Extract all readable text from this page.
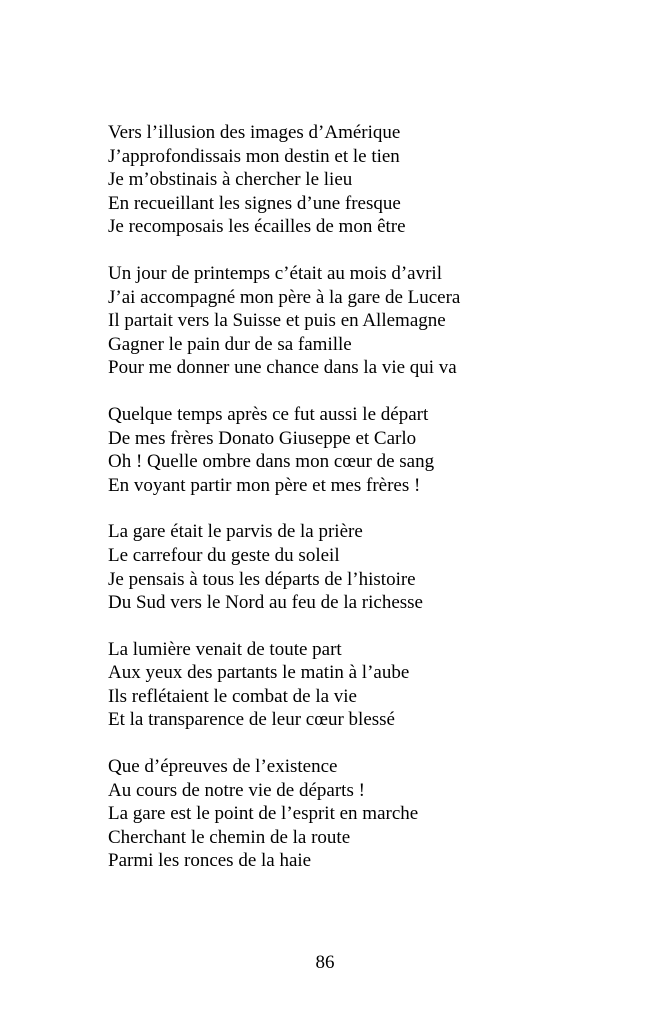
Vers l’illusion des images d’Amérique

J’approfondissais mon destin et le tien

Je m’obstinais à chercher le lieu

En recueillant les signes d’une fresque

Je recomposais les écailles de mon être

Un jour de printemps c’était au mois d’avril

J’ai accompagné mon père à la gare de Lucera

Il partait vers la Suisse et puis en Allemagne

Gagner le pain dur de sa famille

Pour me donner une chance dans la vie qui va

Quelque temps après ce fut aussi le départ

De mes frères Donato Giuseppe et Carlo

Oh ! Quelle ombre dans mon cœur de sang

En voyant partir mon père et mes frères !

La gare était le parvis de la prière

Le carrefour du geste du soleil

Je pensais à tous les départs de l’histoire

Du Sud vers le Nord au feu de la richesse

La lumière venait de toute part

Aux yeux des partants le matin à l’aube

Ils reflétaient le combat de la vie

Et la transparence de leur cœur blessé

Que d’épreuves de l’existence

Au cours de notre vie de départs !

La gare est le point de l’esprit en marche

Cherchant le chemin de la route

Parmi les ronces de la haie

86
